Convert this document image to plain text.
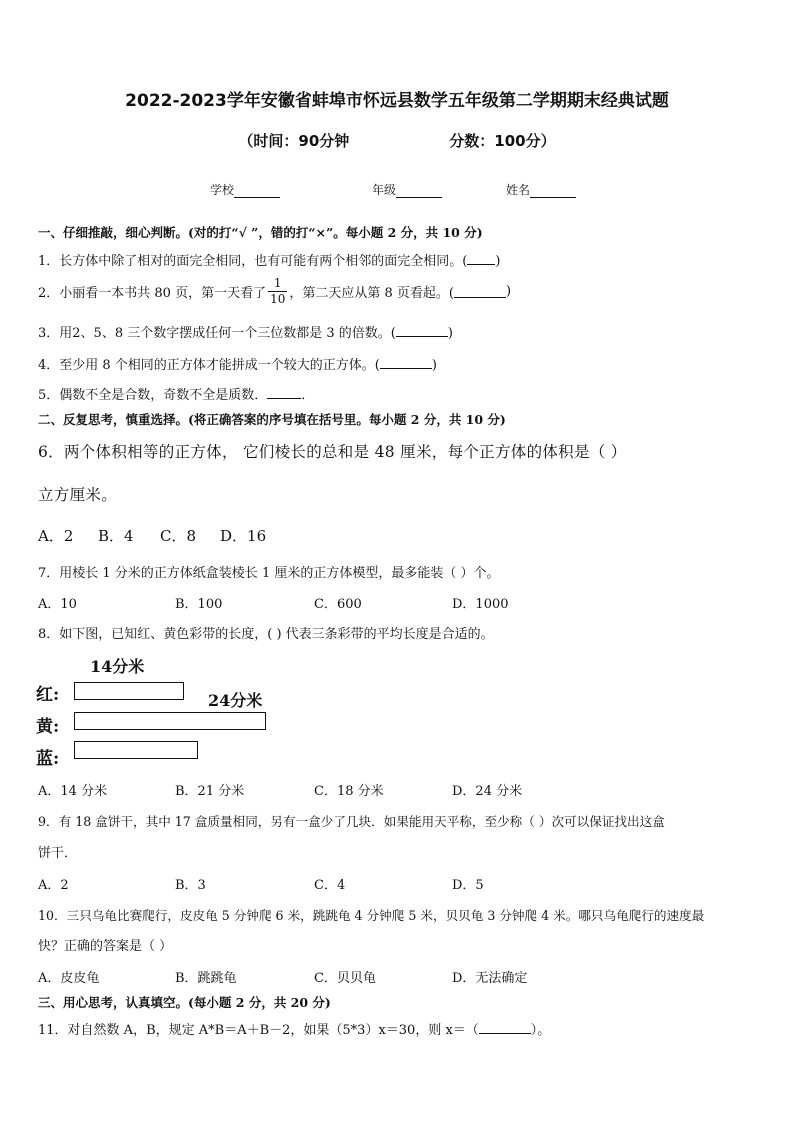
2022-2023学年安徽省蚌埠市怀远县数学五年级第二学期期末经典试题
（时间：90分钟	分数：100分）
学校	年级	姓名
一、仔细推敲，细心判断。(对的打“√ ”，错的打“×”。每小题 2 分，共 10 分)
1．长方体中除了相对的面完全相同，也有可能有两个相邻的面完全相同。( )
2．小丽看一本书共 80 页，第一天看了 $\frac{1}{10}$ ，第二天应从第 8 页看起。(	)
3．用2、5、8 三个数字摆成任何一个三位数都是 3 的倍数。(	)
4．至少用 8 个相同的正方体才能拼成一个较大的正方体。(	)
5．偶数不全是合数，奇数不全是质数．	．
二、反复思考，慎重选择。(将正确答案的序号填在括号里。每小题 2 分，共 10 分)
6．两个体积相等的正方体， 它们棱长的总和是 48 厘米，每个正方体的体积是（ ）
立方厘米。
A．2 B．4 C．8 D．16
7．用棱长 1 分米的正方体纸盒装棱长 1 厘米的正方体模型，最多能装（ ）个。
A．10	B．100	C．600	D．1000
8．如下图，已知红、黄色彩带的长度，( ) 代表三条彩带的平均长度是合适的。
14分米
24分米
红:
黄:
蓝:
A．14 分米	B．21 分米	C．18 分米	D．24 分米
9．有 18 盒饼干，其中 17 盒质量相同，另有一盒少了几块．如果能用天平称，至少称（ ）次可以保证找出这盒
饼干．
A．2	B．3	C．4	D．5
10．三只乌龟比赛爬行，皮皮龟 5 分钟爬 6 米，跳跳龟 4 分钟爬 5 米，贝贝龟 3 分钟爬 4 米。哪只乌龟爬行的速度最
快？正确的答案是（ ）
A．皮皮龟	B．跳跳龟	C．贝贝龟	D．无法确定
三、用心思考，认真填空。(每小题 2 分，共 20 分)
11．对自然数 A，B，规定 A*B＝A＋B－2，如果（5*3）x＝30，则 x＝（	）。
